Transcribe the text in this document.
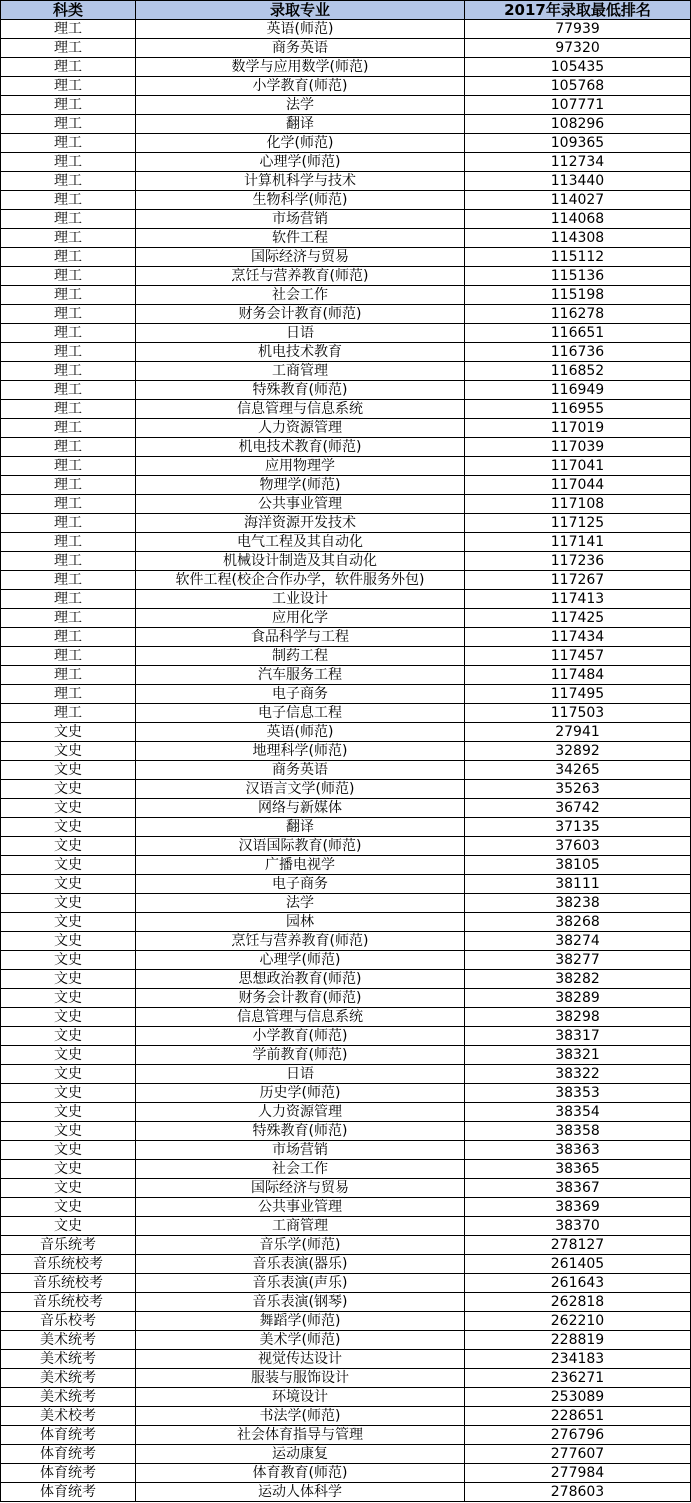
科类	录取专业	2017年录取最低排名
理工	英语(师范)	77939
理工	商务英语	97320
理工	数学与应用数学(师范)	105435
理工	小学教育(师范)	105768
理工	法学	107771
理工	翻译	108296
理工	化学(师范)	109365
理工	心理学(师范)	112734
理工	计算机科学与技术	113440
理工	生物科学(师范)	114027
理工	市场营销	114068
理工	软件工程	114308
理工	国际经济与贸易	115112
理工	烹饪与营养教育(师范)	115136
理工	社会工作	115198
理工	财务会计教育(师范)	116278
理工	日语	116651
理工	机电技术教育	116736
理工	工商管理	116852
理工	特殊教育(师范)	116949
理工	信息管理与信息系统	116955
理工	人力资源管理	117019
理工	机电技术教育(师范)	117039
理工	应用物理学	117041
理工	物理学(师范)	117044
理工	公共事业管理	117108
理工	海洋资源开发技术	117125
理工	电气工程及其自动化	117141
理工	机械设计制造及其自动化	117236
理工	软件工程(校企合作办学，软件服务外包)	117267
理工	工业设计	117413
理工	应用化学	117425
理工	食品科学与工程	117434
理工	制药工程	117457
理工	汽车服务工程	117484
理工	电子商务	117495
理工	电子信息工程	117503
文史	英语(师范)	27941
文史	地理科学(师范)	32892
文史	商务英语	34265
文史	汉语言文学(师范)	35263
文史	网络与新媒体	36742
文史	翻译	37135
文史	汉语国际教育(师范)	37603
文史	广播电视学	38105
文史	电子商务	38111
文史	法学	38238
文史	园林	38268
文史	烹饪与营养教育(师范)	38274
文史	心理学(师范)	38277
文史	思想政治教育(师范)	38282
文史	财务会计教育(师范)	38289
文史	信息管理与信息系统	38298
文史	小学教育(师范)	38317
文史	学前教育(师范)	38321
文史	日语	38322
文史	历史学(师范)	38353
文史	人力资源管理	38354
文史	特殊教育(师范)	38358
文史	市场营销	38363
文史	社会工作	38365
文史	国际经济与贸易	38367
文史	公共事业管理	38369
文史	工商管理	38370
音乐统考	音乐学(师范)	278127
音乐统校考	音乐表演(器乐)	261405
音乐统校考	音乐表演(声乐)	261643
音乐统校考	音乐表演(钢琴)	262818
音乐校考	舞蹈学(师范)	262210
美术统考	美术学(师范)	228819
美术统考	视觉传达设计	234183
美术统考	服装与服饰设计	236271
美术统考	环境设计	253089
美术校考	书法学(师范)	228651
体育统考	社会体育指导与管理	276796
体育统考	运动康复	277607
体育统考	体育教育(师范)	277984
体育统考	运动人体科学	278603
